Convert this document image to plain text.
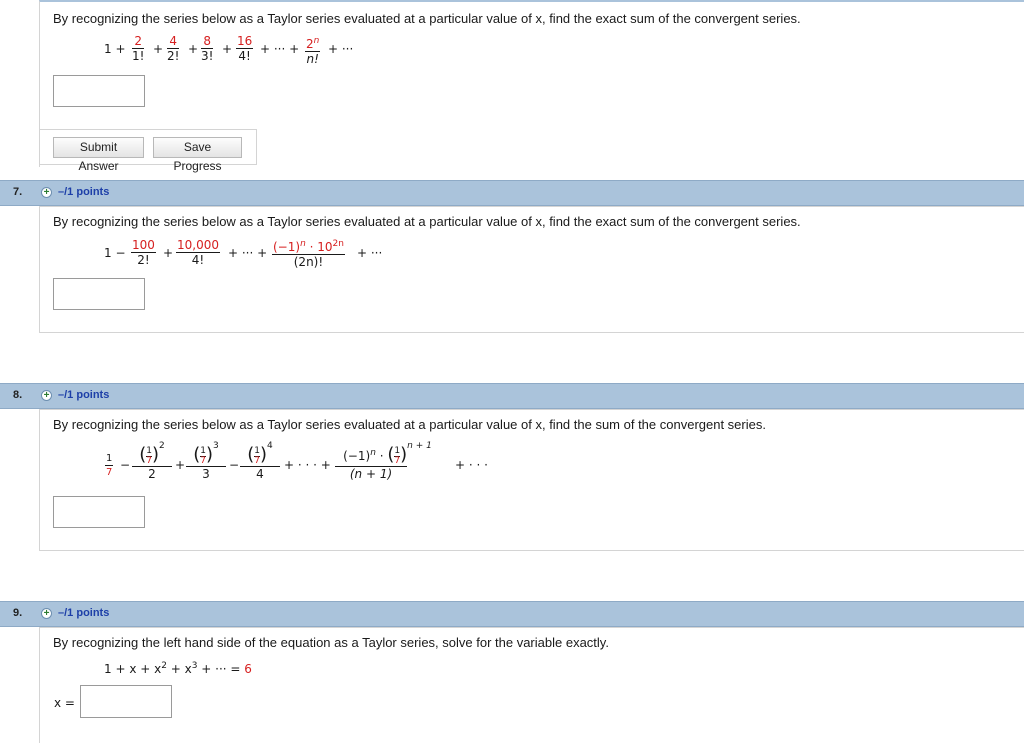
By recognizing the series below as a Taylor series evaluated at a particular value of x, find the exact sum of the convergent series.
$1 + \frac{2}{1!} + \frac{4}{2!} + \frac{8}{3!} + \frac{16}{4!}$ + ··· + $\frac{2^n}{n!}$ + ···
Submit Answer
Save Progress
7. + –/1 points
By recognizing the series below as a Taylor series evaluated at a particular value of x, find the exact sum of the convergent series.
$1 - \frac{100}{2!} + \frac{10,000}{4!}$ + ··· + $\frac{(-1)^n \cdot 10^{2n}}{(2n)!}$ + ···
8. + –/1 points
By recognizing the series below as a Taylor series evaluated at a particular value of x, find the sum of the convergent series.
$\frac{1}{7} - \frac{( \frac{1}{7} )^2}{2} + \frac{( \frac{1}{7} )^3}{3} - \frac{( \frac{1}{7} )^4}{4}$ + · · · + $\frac{(-1)^n \cdot ( \frac{1}{7} )^{n + 1}}{(n + 1)}$ + · · ·
9. + –/1 points
By recognizing the left hand side of the equation as a Taylor series, solve for the variable exactly.
$1 + x + x^2 + x^3$ + ··· = 6
x =
